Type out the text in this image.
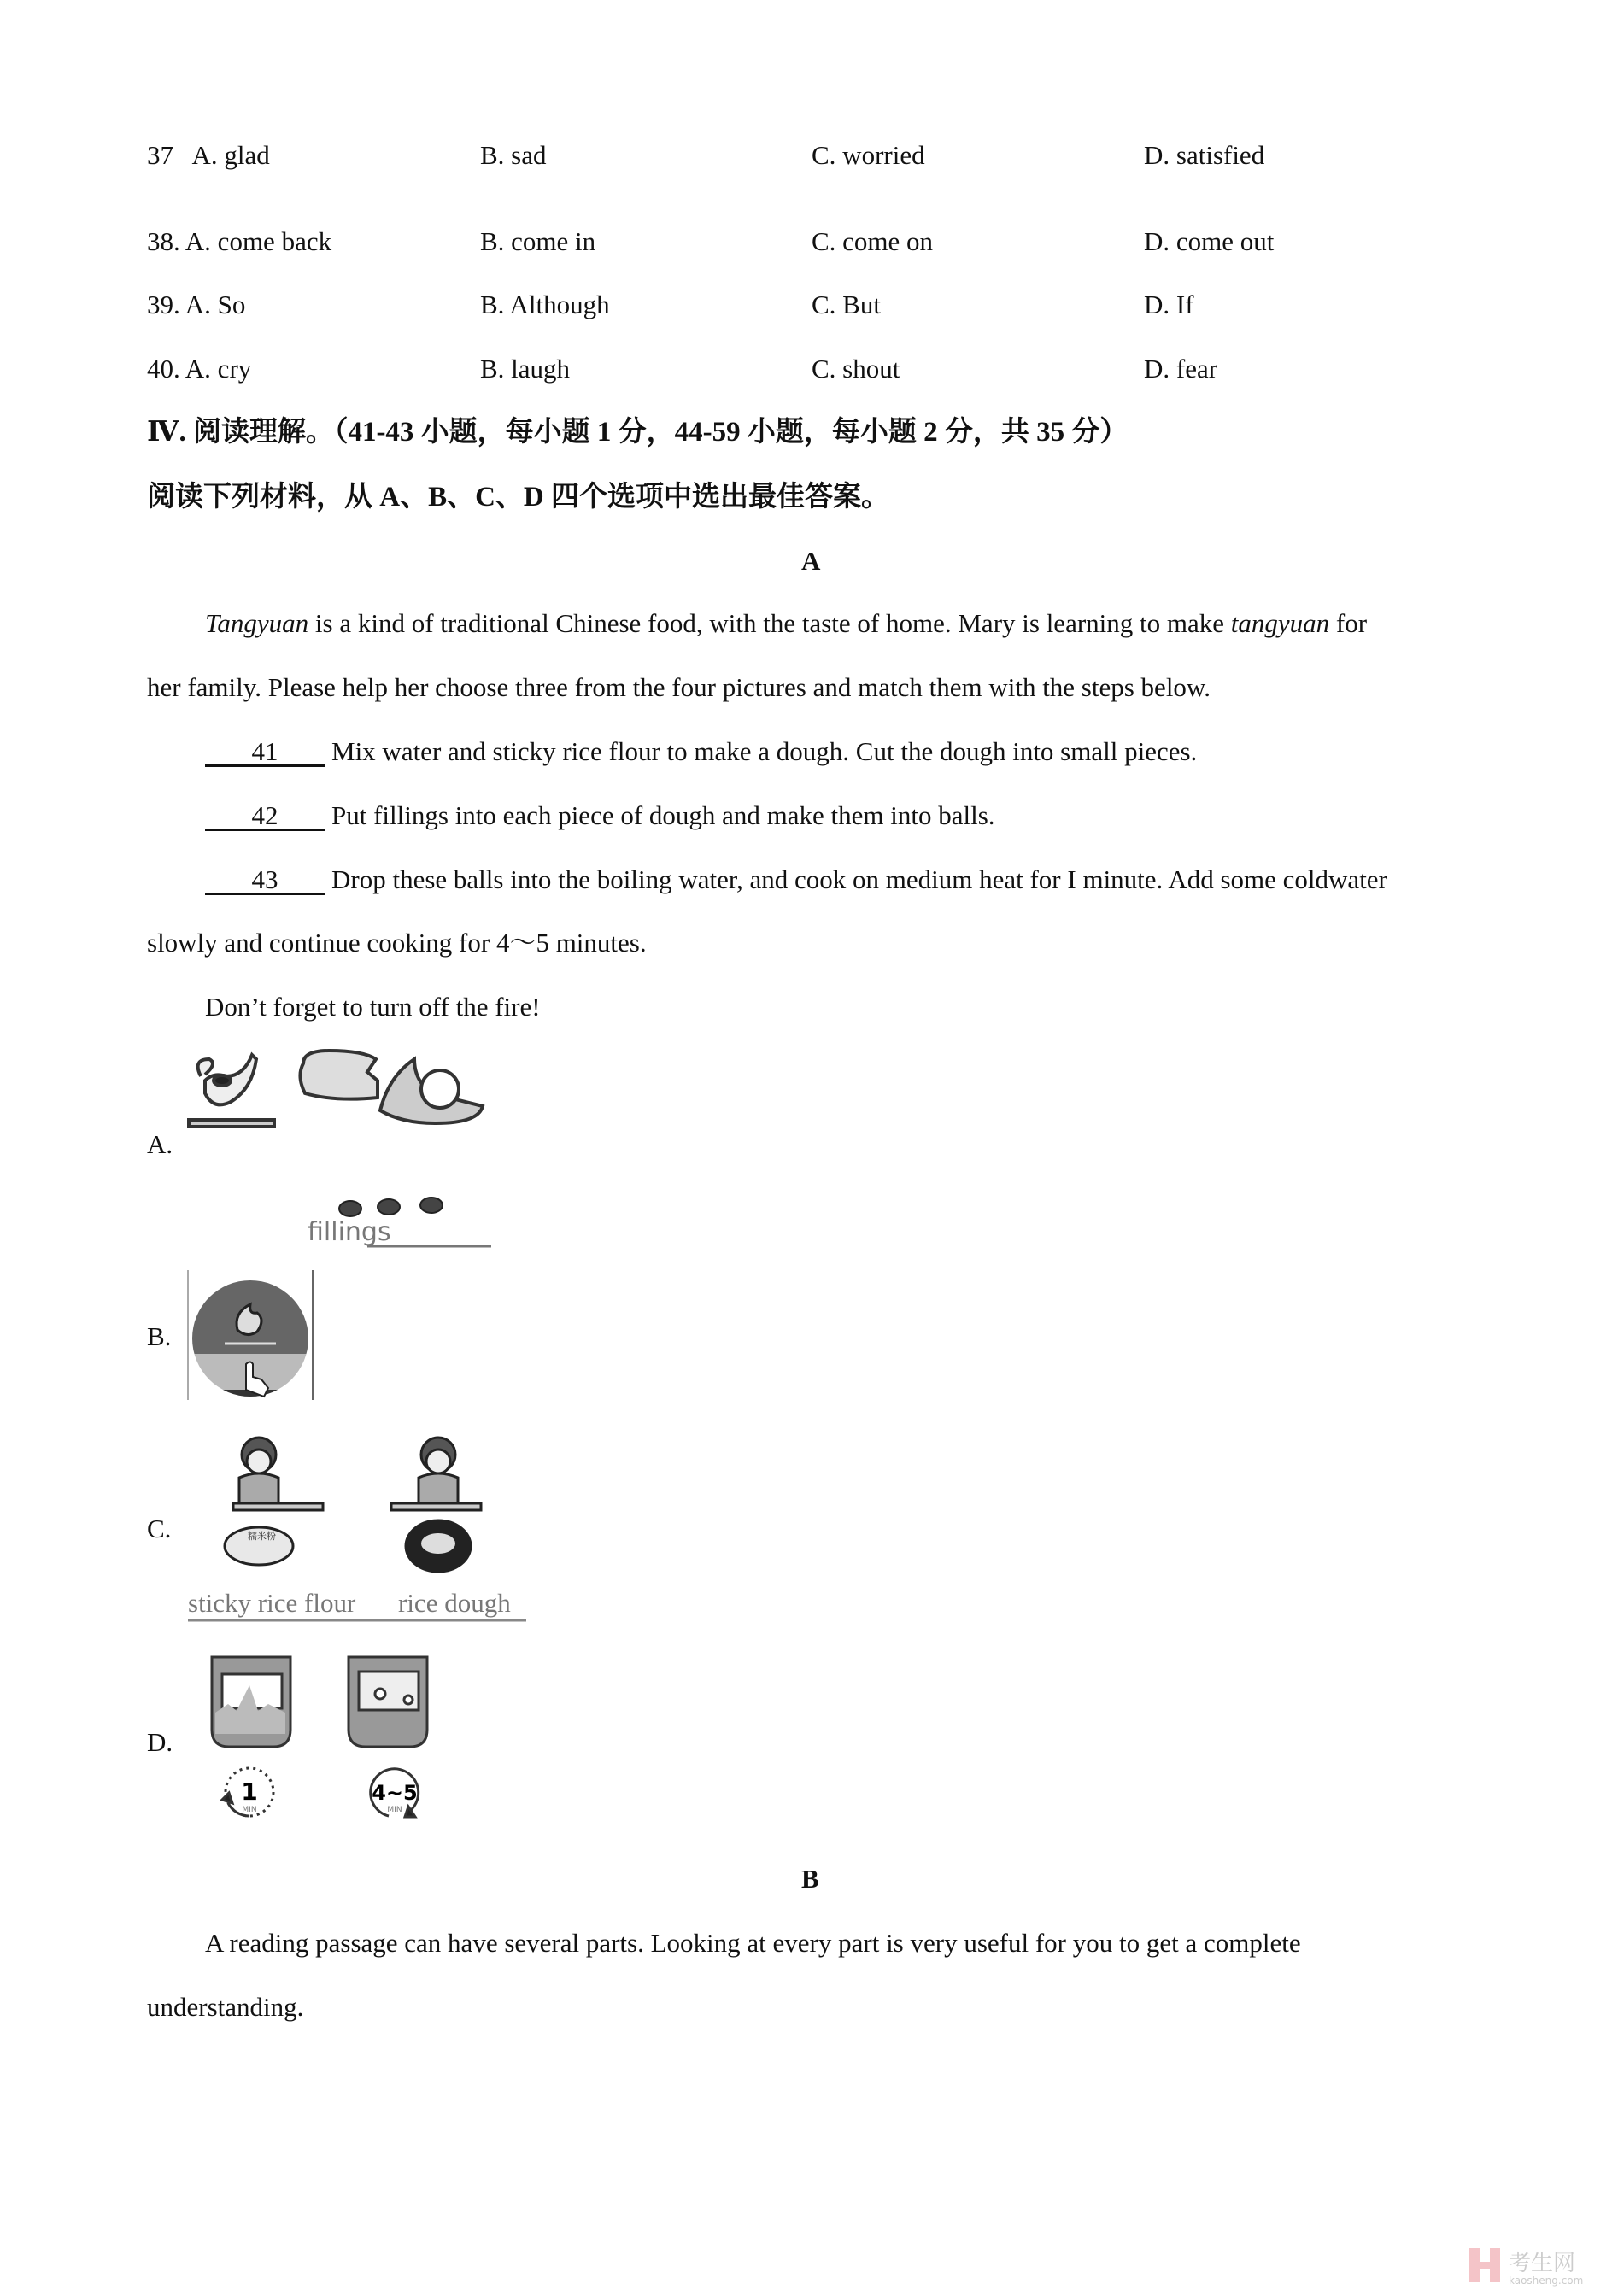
37 A. glad	B. sad	C. worried	D. satisfied
38. A. come back	B. come in	C. come on	D. come out
39. A. So	B. Although	C. But	D. If
40. A. cry	B. laugh	C. shout	D. fear
Ⅳ. 阅读理解。（41-43 小题，每小题 1 分，44-59 小题，每小题 2 分，共 35 分）
阅读下列材料，从 A、B、C、D 四个选项中选出最佳答案。
A
Tangyuan is a kind of traditional Chinese food, with the taste of home. Mary is learning to make tangyuan for
her family. Please help her choose three from the four pictures and match them with the steps below.
41 Mix water and sticky rice flour to make a dough. Cut the dough into small pieces.
42 Put fillings into each piece of dough and make them into balls.
43 Drop these balls into the boiling water, and cook on medium heat for I minute. Add some coldwater
slowly and continue cooking for 4～5 minutes.
Don’t forget to turn off the fire!
A.
fillings
B.
C.	糯米粉
sticky rice flour rice dough
D.
1
MIN
4~5
MIN
B
A reading passage can have several parts. Looking at every part is very useful for you to get a complete
understanding.
考生网
kaosheng.com
